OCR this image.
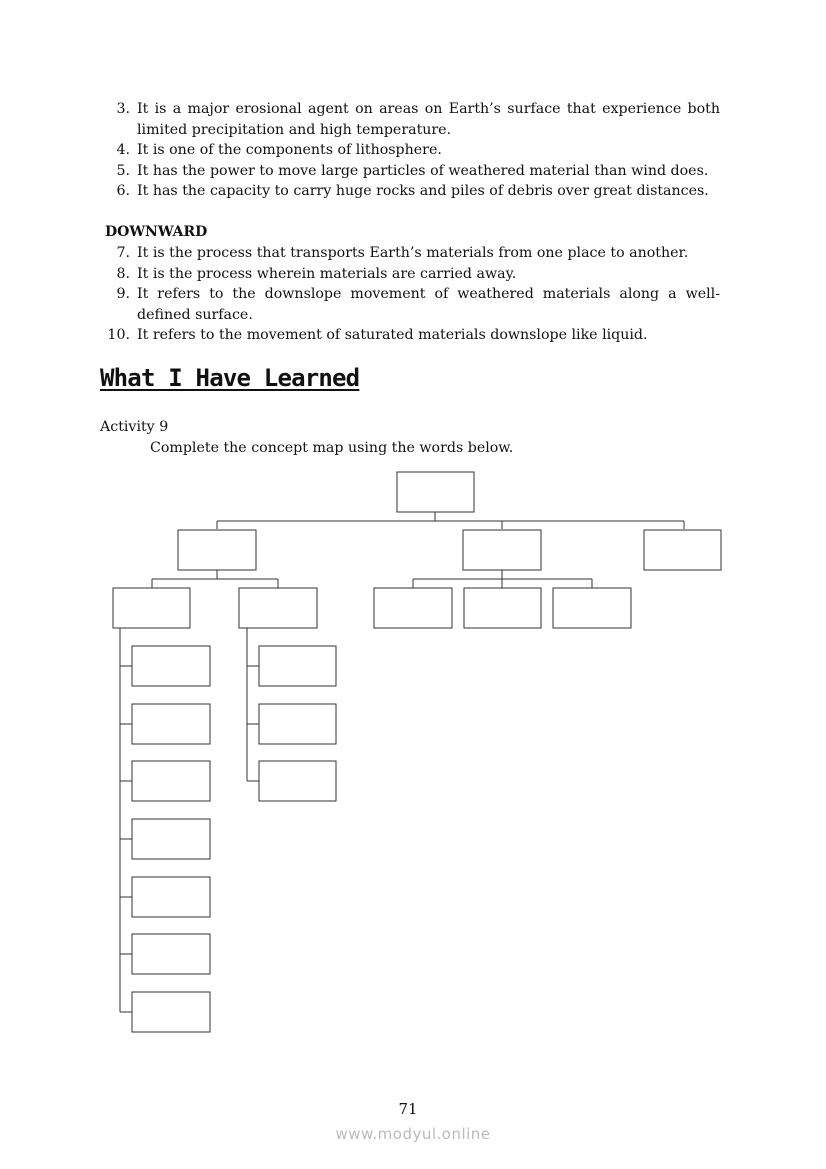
3. It is a major erosional agent on areas on Earth’s surface that experience both limited precipitation and high temperature.
4. It is one of the components of lithosphere.
5. It has the power to move large particles of weathered material than wind does.
6. It has the capacity to carry huge rocks and piles of debris over great distances.
DOWNWARD
7. It is the process that transports Earth’s materials from one place to another.
8. It is the process wherein materials are carried away.
9. It refers to the downslope movement of weathered materials along a well-defined surface.
10. It refers to the movement of saturated materials downslope like liquid.
What I Have Learned
Activity 9
Complete the concept map using the words below.
71
www.modyul.online
